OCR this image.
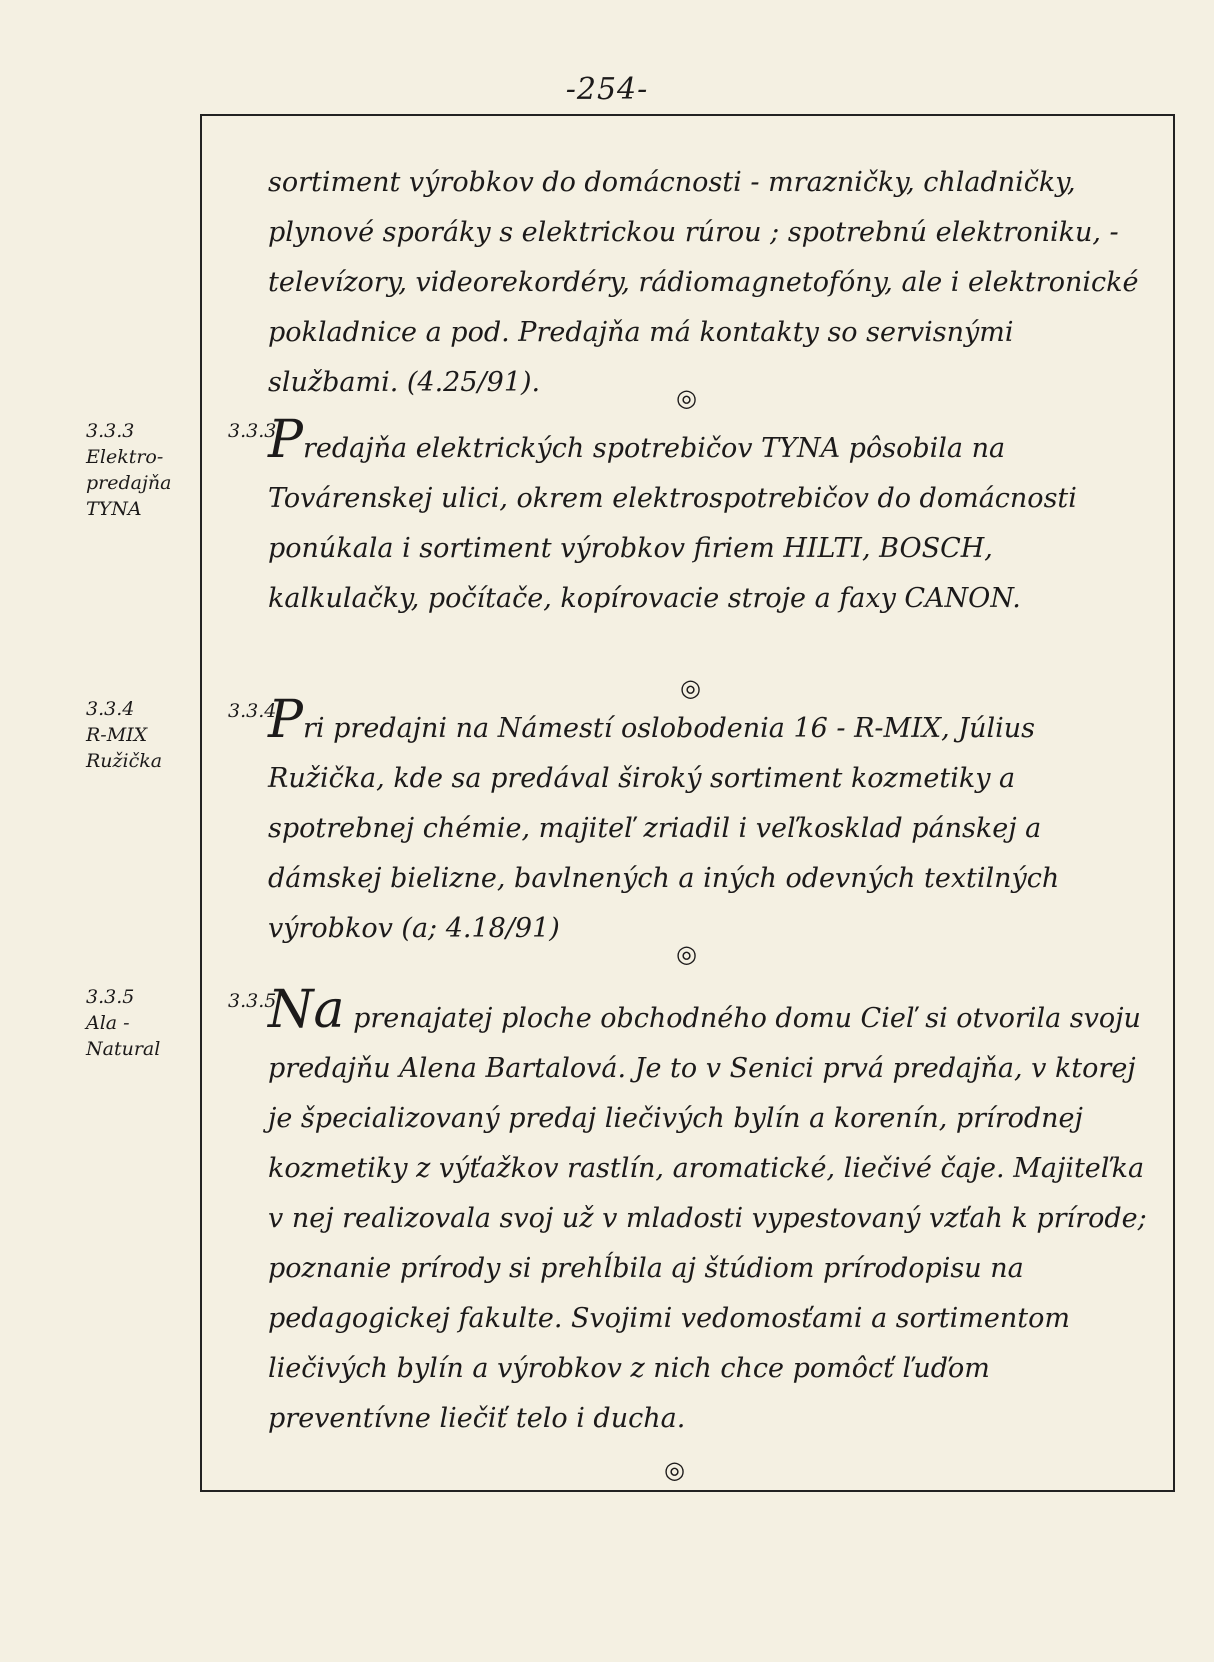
-254-
sortiment výrobkov do domácnosti - mrazničky, chladničky, plynové sporáky s elektrickou rúrou ; spotrebnú elektroniku, - televízory, videorekordéry, rádiomagnetofóny, ale i elektronické pokladnice a pod. Predajňa má kontakty so servisnými službami. (4.25/91).	◎
3.3.3
Elektro-
predajňa
TYNA
3.3.3
Predajňa elektrických spotrebičov TYNA pôsobila na Továrenskej ulici, okrem elektrospotrebičov do domácnosti ponúkala i sortiment výrobkov firiem HILTI, BOSCH, kalkulačky, počítače, kopírovacie stroje a faxy CANON.
◎
3.3.4
R-MIX
Ružička
3.3.4
Pri predajni na Námestí oslobodenia 16 - R-MIX, Július Ružička, kde sa predával široký sortiment kozmetiky a spotrebnej chémie, majiteľ zriadil i veľkosklad pánskej a dámskej bielizne, bavlnených a iných odevných textilných výrobkov (a; 4.18/91)
◎
3.3.5
Ala -
Natural
3.3.5
Na prenajatej ploche obchodného domu Cieľ si otvorila svoju predajňu Alena Bartalová. Je to v Senici prvá predajňa, v ktorej je špecializovaný predaj liečivých bylín a korenín, prírodnej kozmetiky z výťažkov rastlín, aromatické, liečivé čaje. Majiteľka v nej realizovala svoj už v mladosti vypestovaný vzťah k prírode; poznanie prírody si prehĺbila aj štúdiom prírodopisu na pedagogickej fakulte. Svojimi vedomosťami a sortimentom liečivých bylín a výrobkov z nich chce pomôcť ľuďom preventívne liečiť telo i ducha.
◎
